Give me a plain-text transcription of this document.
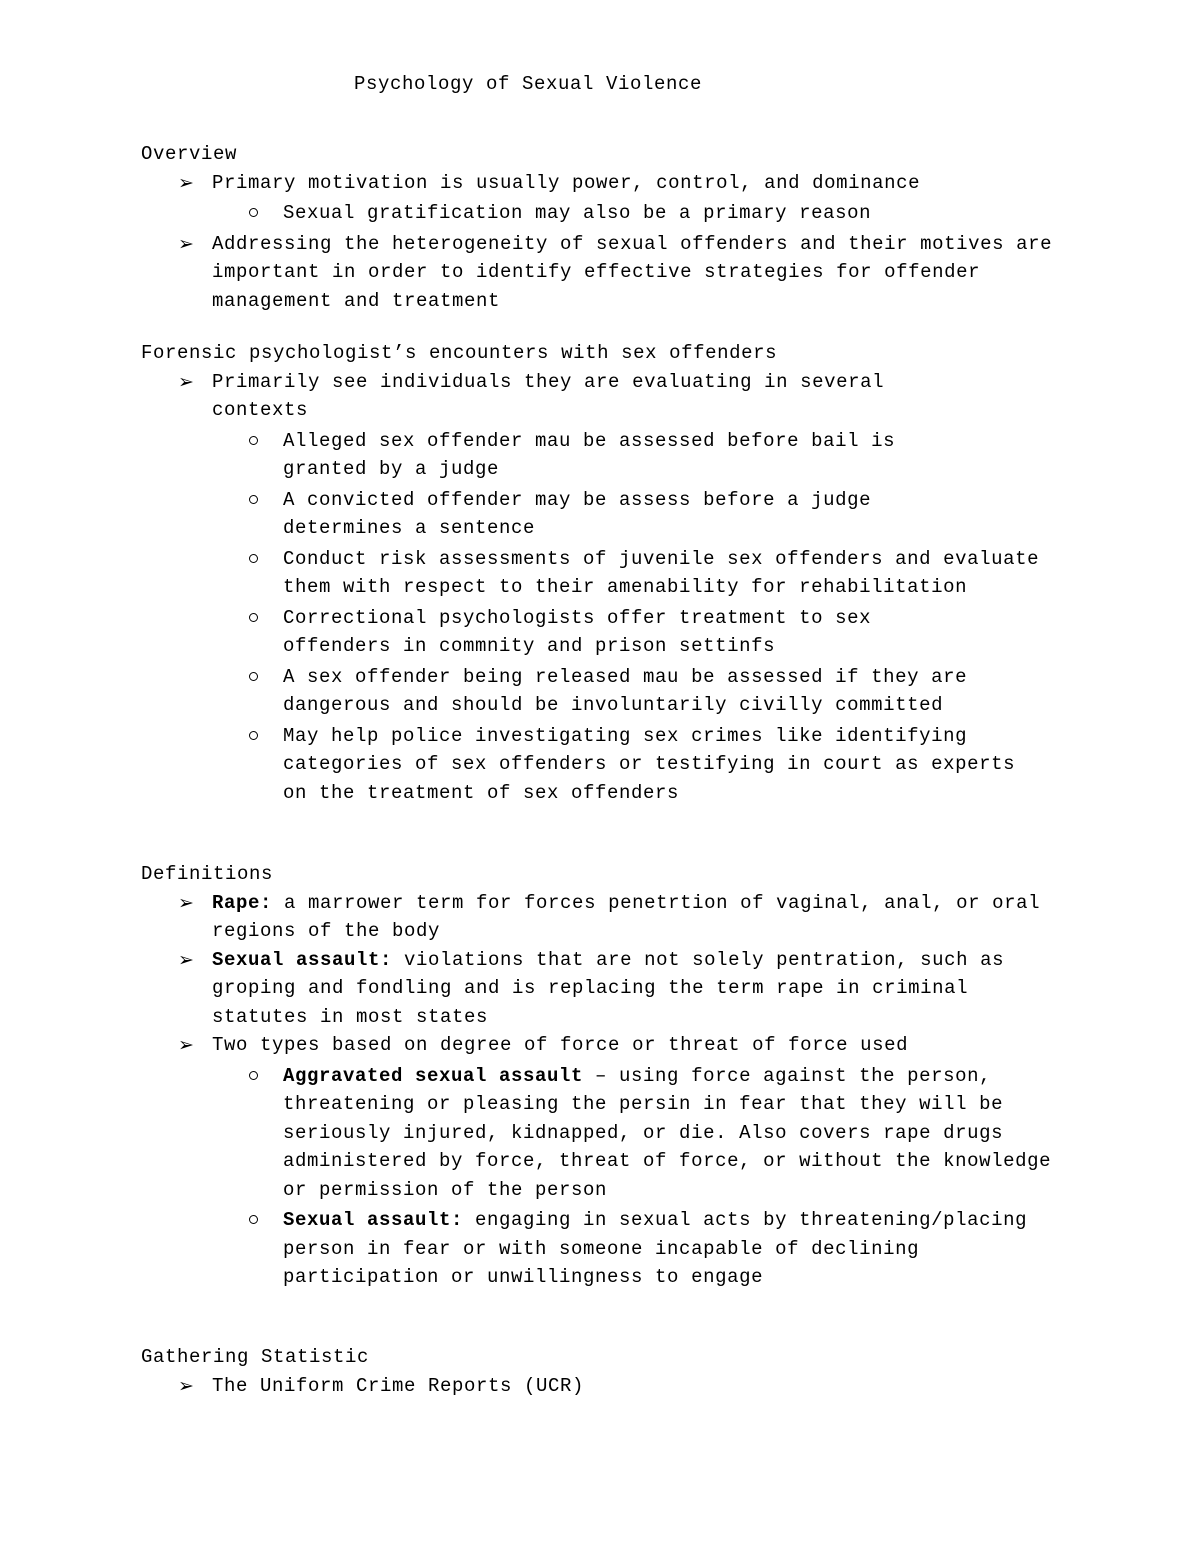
Psychology of Sexual Violence
Overview
➢ Primary motivation is usually power, control, and dominance
Sexual gratification may also be a primary reason
➢ Addressing the heterogeneity of sexual offenders and their motives are important in order to identify effective strategies for offender management and treatment
Forensic psychologist’s encounters with sex offenders
➢ Primarily see individuals they are evaluating in several contexts
Alleged sex offender mau be assessed before bail is granted by a judge
A convicted offender may be assess before a judge determines a sentence
Conduct risk assessments of juvenile sex offenders and evaluate them with respect to their amenability for rehabilitation
Correctional psychologists offer treatment to sex offenders in commnity and prison settinfs
A sex offender being released mau be assessed if they are dangerous and should be involuntarily civilly committed
May help police investigating sex crimes like identifying categories of sex offenders or testifying in court as experts on the treatment of sex offenders
Definitions
➢ Rape: a marrower term for forces penetrtion of vaginal, anal, or oral regions of the body
➢ Sexual assault: violations that are not solely pentration, such as groping and fondling and is replacing the term rape in criminal statutes in most states
➢ Two types based on degree of force or threat of force used
Aggravated sexual assault – using force against the person, threatening or pleasing the persin in fear that they will be seriously injured, kidnapped, or die. Also covers rape drugs administered by force, threat of force, or without the knowledge or permission of the person
Sexual assault: engaging in sexual acts by threatening/placing person in fear or with someone incapable of declining participation or unwillingness to engage
Gathering Statistic
➢ The Uniform Crime Reports (UCR)
